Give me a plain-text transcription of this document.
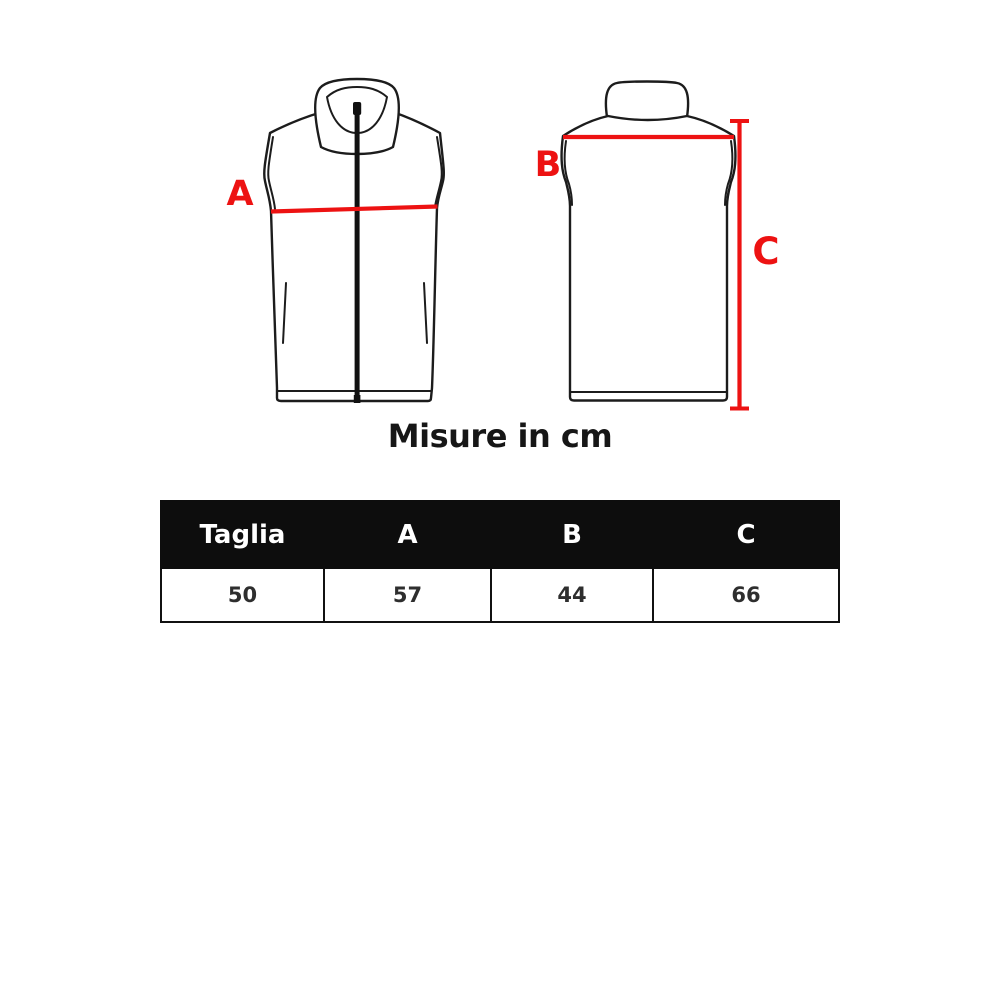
A
B
C
Misure in cm
Taglia	A	B	C
50	57	44	66
